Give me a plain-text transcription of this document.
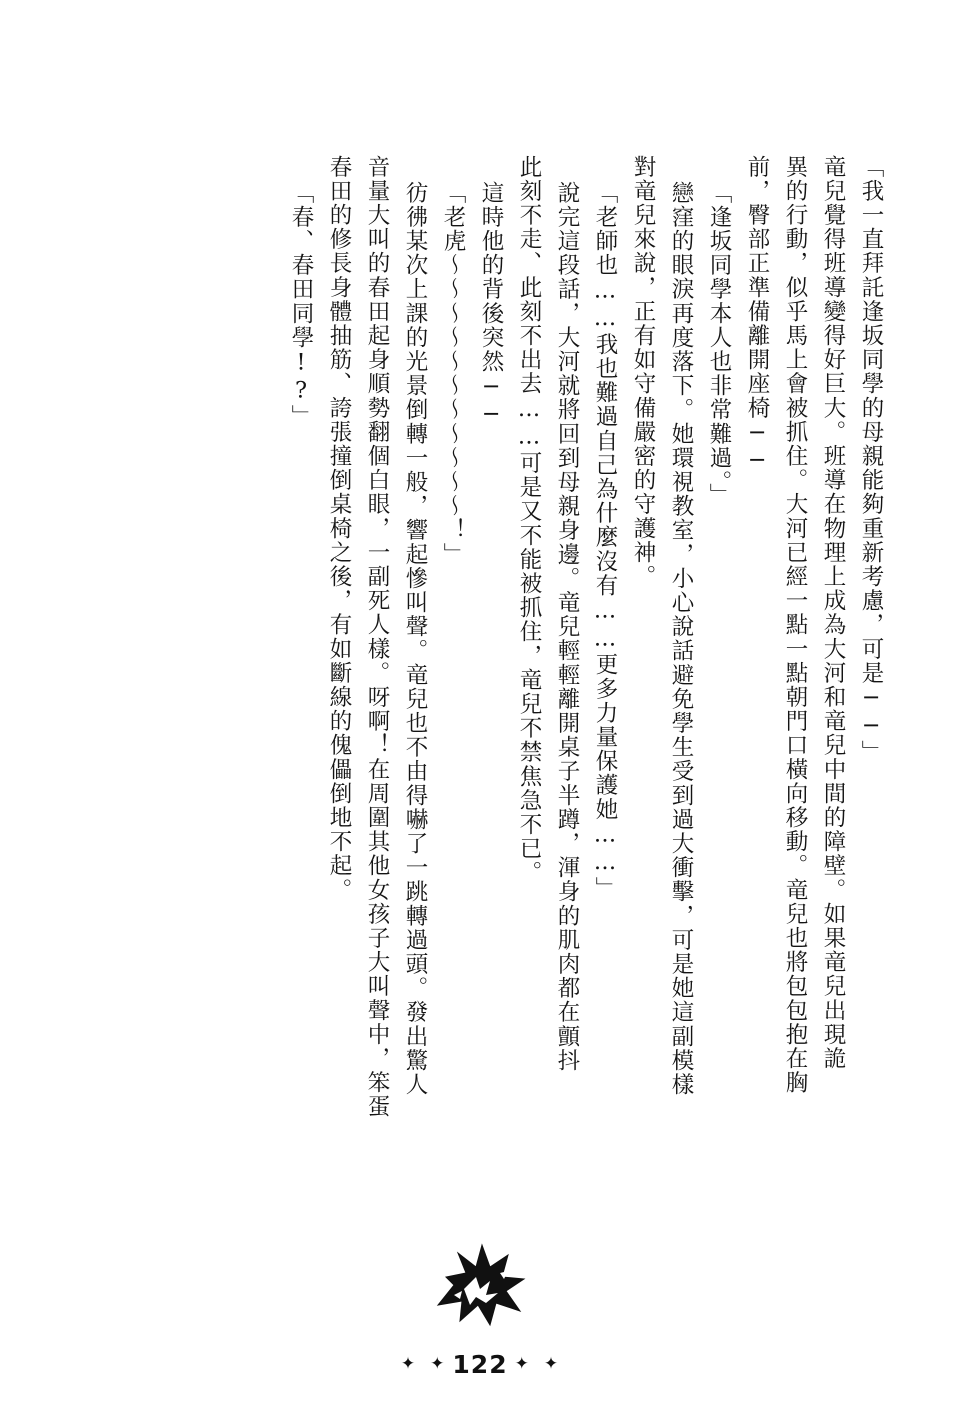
「我一直拜託逢坂同學的母親能夠重新考慮，可是──」
竜兒覺得班導變得好巨大。班導在物理上成為大河和竜兒中間的障壁。如果竜兒出現詭
異的行動，似乎馬上會被抓住。大河已經一點一點朝門口橫向移動。竜兒也將包包抱在胸
前，臀部正準備離開座椅──
「逢坂同學本人也非常難過。」
戀窪的眼淚再度落下。她環視教室，小心說話避免學生受到過大衝擊，可是她這副模樣
對竜兒來說，正有如守備嚴密的守護神。
「老師也……我也難過自己為什麼沒有……更多力量保護她……」
說完這段話，大河就將回到母親身邊。竜兒輕輕離開桌子半蹲，渾身的肌肉都在顫抖
此刻不走、此刻不出去……可是又不能被抓住，竜兒不禁焦急不已。
這時他的背後突然──
「老虎～～～～～～～～～～～！」
彷彿某次上課的光景倒轉一般，響起慘叫聲。竜兒也不由得嚇了一跳轉過頭。發出驚人
音量大叫的春田起身順勢翻個白眼，一副死人樣。呀啊！在周圍其他女孩子大叫聲中，笨蛋
春田的修長身體抽筋、誇張撞倒桌椅之後，有如斷線的傀儡倒地不起。
「春、春田同學!?」
✦ ✦ 122 ✦ ✦
